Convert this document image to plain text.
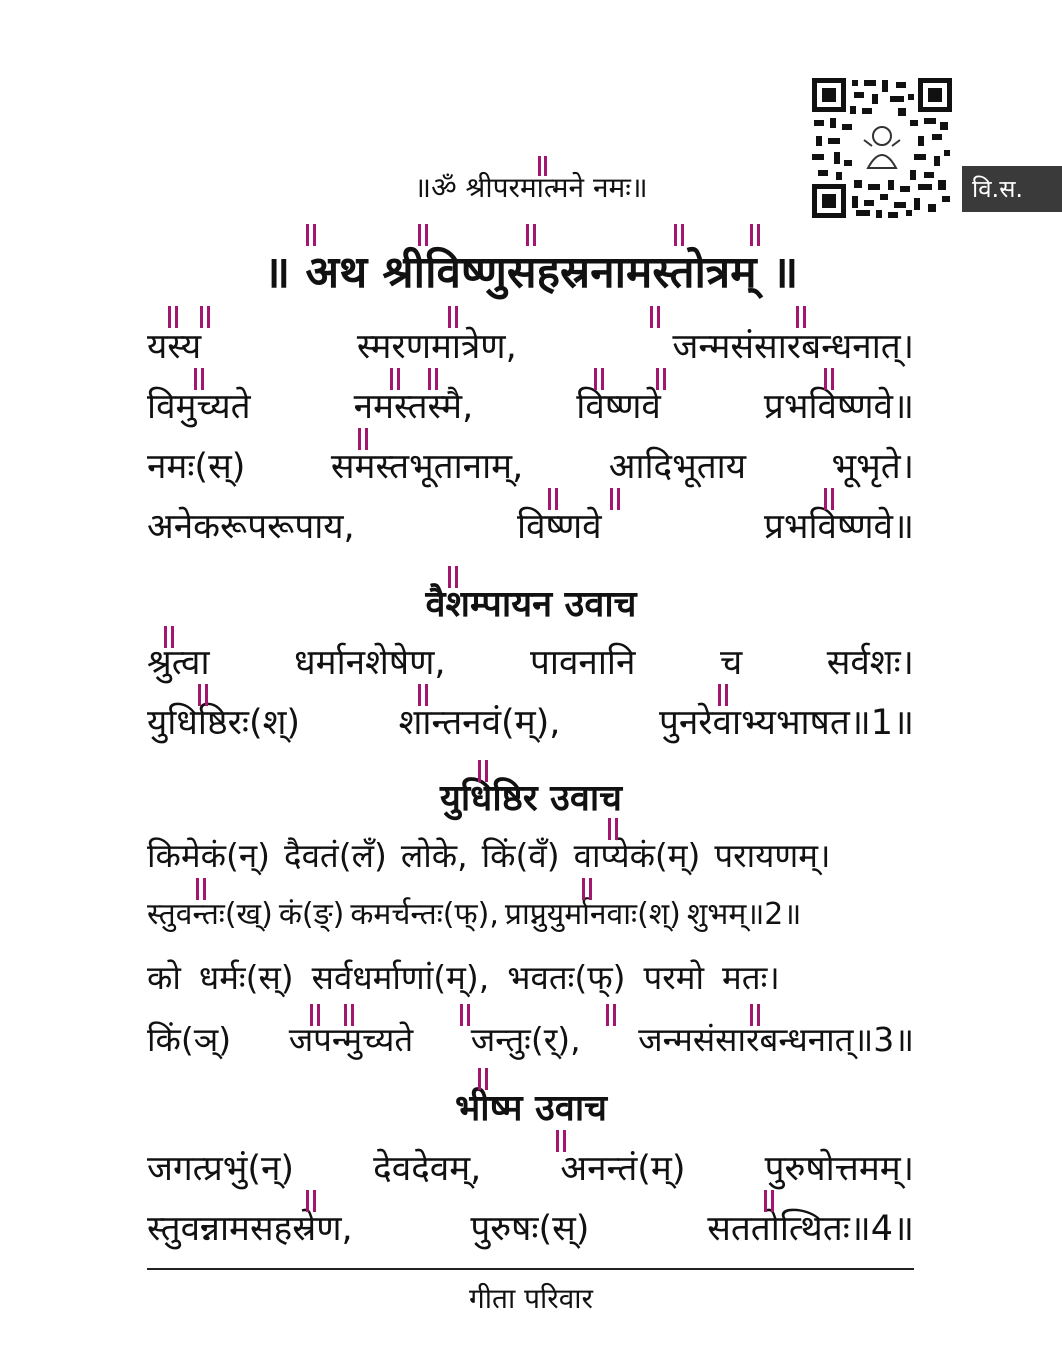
वि.स.
॥ॐ श्रीपरमात्मने नमः॥
॥ अथ श्रीविष्णुसहस्रनामस्तोत्रम् ॥
यस्य	स्मरणमात्रेण,	जन्मसंसारबन्धनात्।
विमुच्यते	नमस्तस्मै,	विष्णवे	प्रभविष्णवे॥
नमः(स्) समस्तभूतानाम्, आदिभूताय भूभृते।
अनेकरूपरूपाय,	विष्णवे	प्रभविष्णवे॥
वैशम्पायन उवाच
श्रुत्वा धर्मानशेषेण, पावनानि च सर्वशः।
युधिष्ठिरः(श्)	शान्तनवं(म्),	पुनरेवाभ्यभाषत॥1॥
युधिष्ठिर उवाच
किमेकं(न्) दैवतं(लँ) लोके, किं(वँ) वाप्येकं(म्) परायणम्।
स्तुवन्तः(ख्) कं(ङ्) कमर्चन्तः(फ्), प्राप्नुयुर्मानवाः(श्) शुभम्॥2॥
को धर्मः(स्) सर्वधर्माणां(म्), भवतः(फ्) परमो मतः।
किं(ञ्) जपन्मुच्यते जन्तुः(र्), जन्मसंसारबन्धनात्॥3॥
भीष्म उवाच
जगत्प्रभुं(न्) देवदेवम्, अनन्तं(म्) पुरुषोत्तमम्।
स्तुवन्नामसहस्रेण,	पुरुषः(स्)	सततोत्थितः॥4॥
गीता परिवार
